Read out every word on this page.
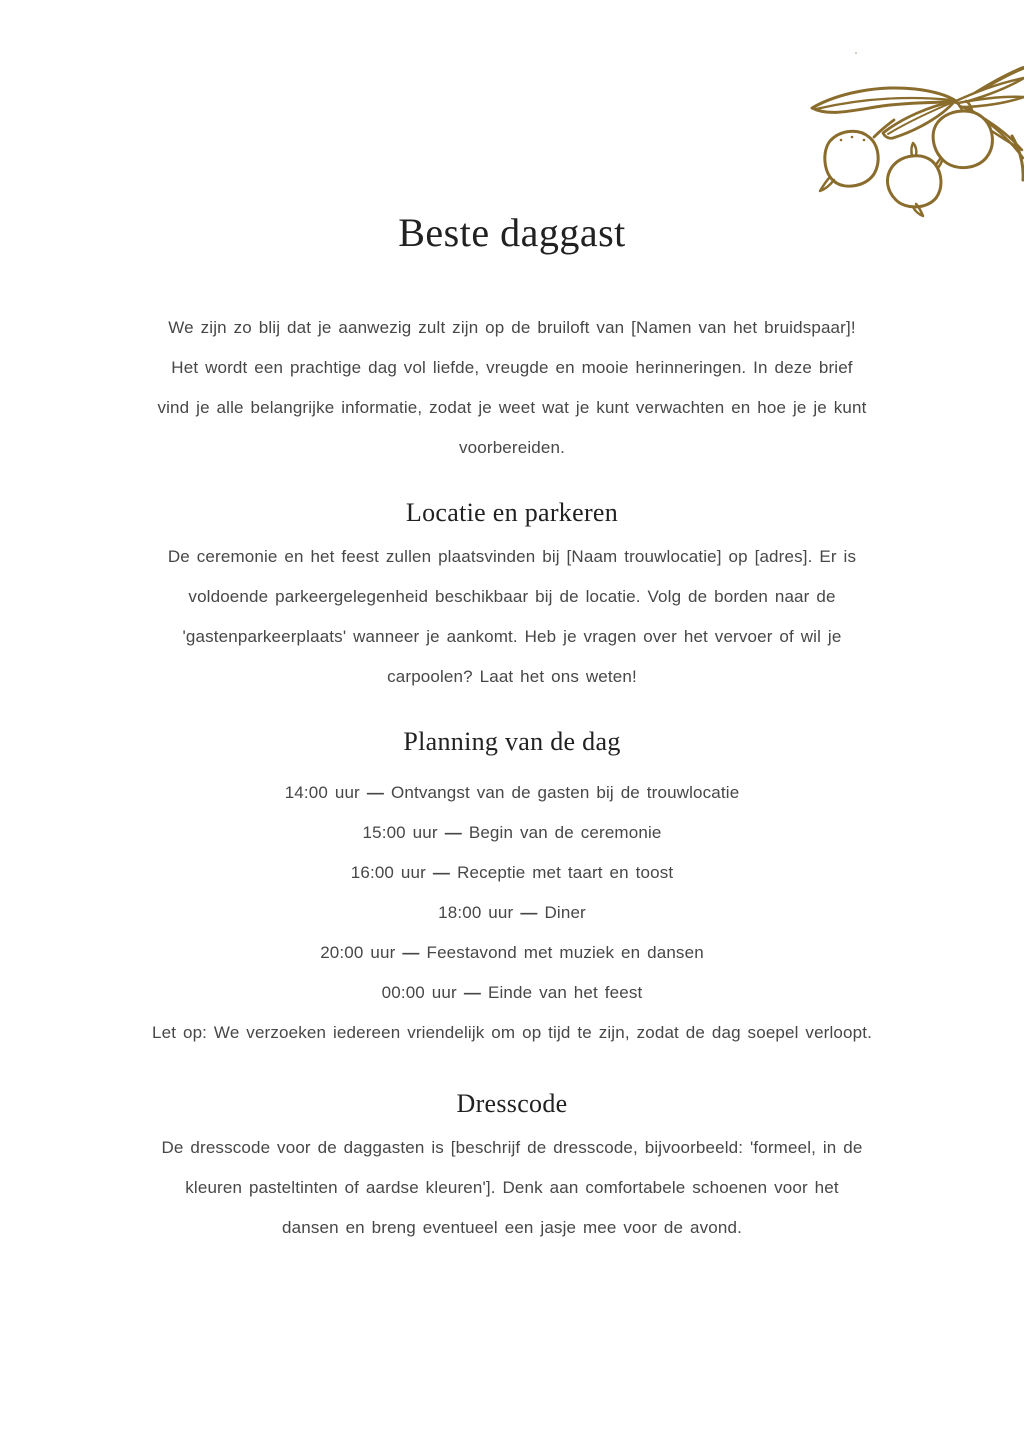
Beste daggast
We zijn zo blij dat je aanwezig zult zijn op de bruiloft van [Namen van het bruidspaar]!
Het wordt een prachtige dag vol liefde, vreugde en mooie herinneringen. In deze brief
vind je alle belangrijke informatie, zodat je weet wat je kunt verwachten en hoe je je kunt
voorbereiden.
Locatie en parkeren
De ceremonie en het feest zullen plaatsvinden bij [Naam trouwlocatie] op [adres]. Er is
voldoende parkeergelegenheid beschikbaar bij de locatie. Volg de borden naar de
'gastenparkeerplaats' wanneer je aankomt. Heb je vragen over het vervoer of wil je
carpoolen? Laat het ons weten!
Planning van de dag
14:00 uur — Ontvangst van de gasten bij de trouwlocatie
15:00 uur — Begin van de ceremonie
16:00 uur — Receptie met taart en toost
18:00 uur — Diner
20:00 uur — Feestavond met muziek en dansen
00:00 uur — Einde van het feest
Let op: We verzoeken iedereen vriendelijk om op tijd te zijn, zodat de dag soepel verloopt.
Dresscode
De dresscode voor de daggasten is [beschrijf de dresscode, bijvoorbeeld: 'formeel, in de
kleuren pasteltinten of aardse kleuren']. Denk aan comfortabele schoenen voor het
dansen en breng eventueel een jasje mee voor de avond.
